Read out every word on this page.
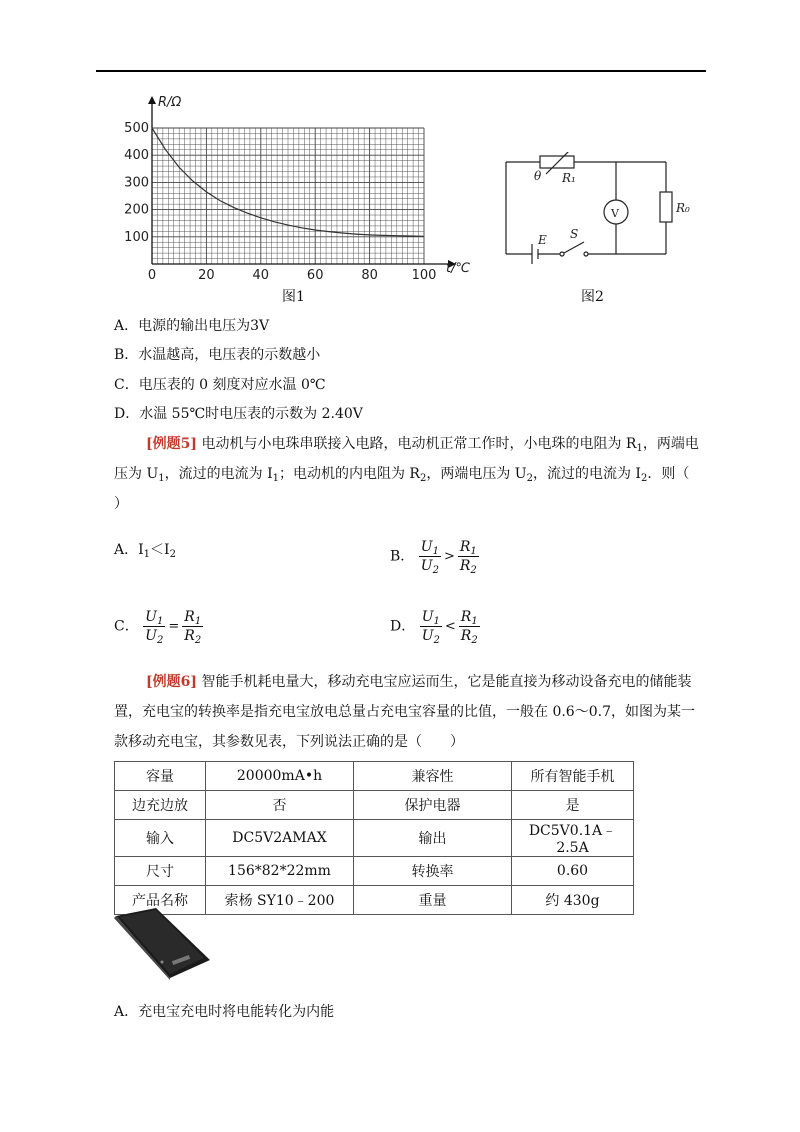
0	20	40	60	80	100
100
200
300
400
500
R/Ω
t/℃
图1
θ R₁
R₀
V
E S
图2
A．电源的输出电压为3V
B．水温越高，电压表的示数越小
C．电压表的 0 刻度对应水温 0℃
D．水温 55℃时电压表的示数为 2.40V
[例题5] 电动机与小电珠串联接入电路，电动机正常工作时，小电珠的电阻为 $R_1$，两端电压为 $U_1$，流过的电流为 $I_1$；电动机的内电阻为 $R_2$，两端电压为 $U_2$，流过的电流为 $I_2$．则（
）
A．$I_1<I_2$	B． $\frac{U_1}{U_2} > \frac{R_1}{R_2}$
C． $\frac{U_1}{U_2} = \frac{R_1}{R_2}$	D． $\frac{U_1}{U_2} < \frac{R_1}{R_2}$
[例题6] 智能手机耗电量大，移动充电宝应运而生，它是能直接为移动设备充电的储能装
置，充电宝的转换率是指充电宝放电总量占充电宝容量的比值，一般在 0.6～0.7，如图为某一
款移动充电宝，其参数见表，下列说法正确的是（　　）
容量	20000mA•h	兼容性	所有智能手机
边充边放	否	保护电器	是
输入	DC5V2AMAX	输出	DC5V0.1A﹣2.5A
尺寸	156*82*22mm	转换率	0.60
产品名称	索杨 SY10﹣200	重量	约 430g
A．充电宝充电时将电能转化为内能
